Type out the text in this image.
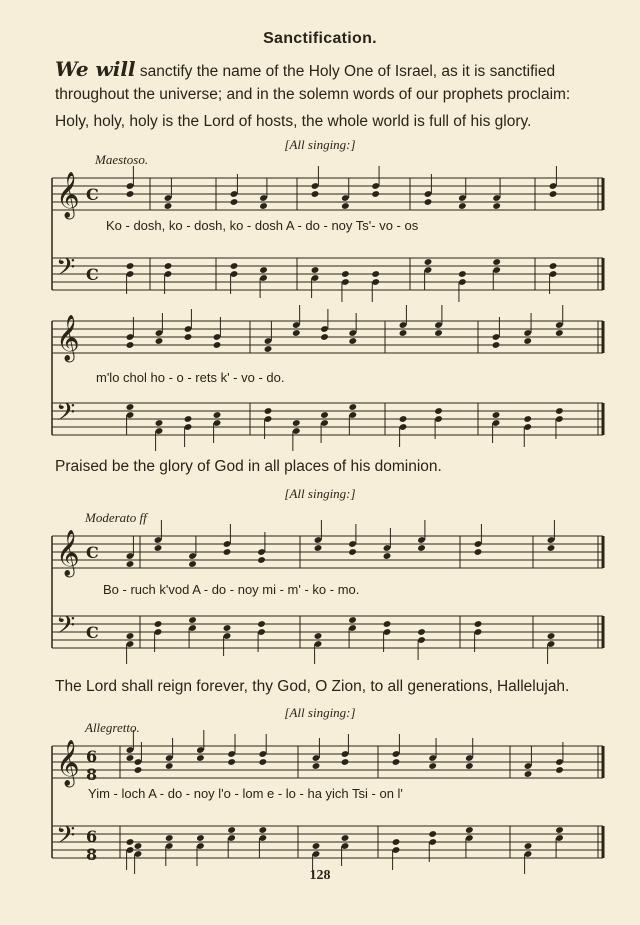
Sanctification.
We will sanctify the name of the Holy One of Israel, as it is sanctified
throughout the universe; and in the solemn words of our prophets proclaim:
Holy, holy, holy is the Lord of hosts, the whole world is full of his glory.
[All singing:]
Maestoso.
𝄞
𝄢
C
C
Ko - dosh, ko - dosh, ko - dosh A - do - noy Ts'- vo - os
𝄞
𝄢
m'lo chol ho - o - rets k' - vo - do.
Praised be the glory of God in all places of his dominion.
[All singing:]
Moderato ff
𝄞
𝄢
C
C
Bo - ruch k'vod A - do - noy mi - m' - ko - mo.
The Lord shall reign forever, thy God, O Zion, to all generations, Hallelujah.
[All singing:]
Allegretto.
𝄞
𝄢
6
8
6
8
Yim - loch A - do - noy l'o - lom e - lo - ha yich Tsi - on l'
128
